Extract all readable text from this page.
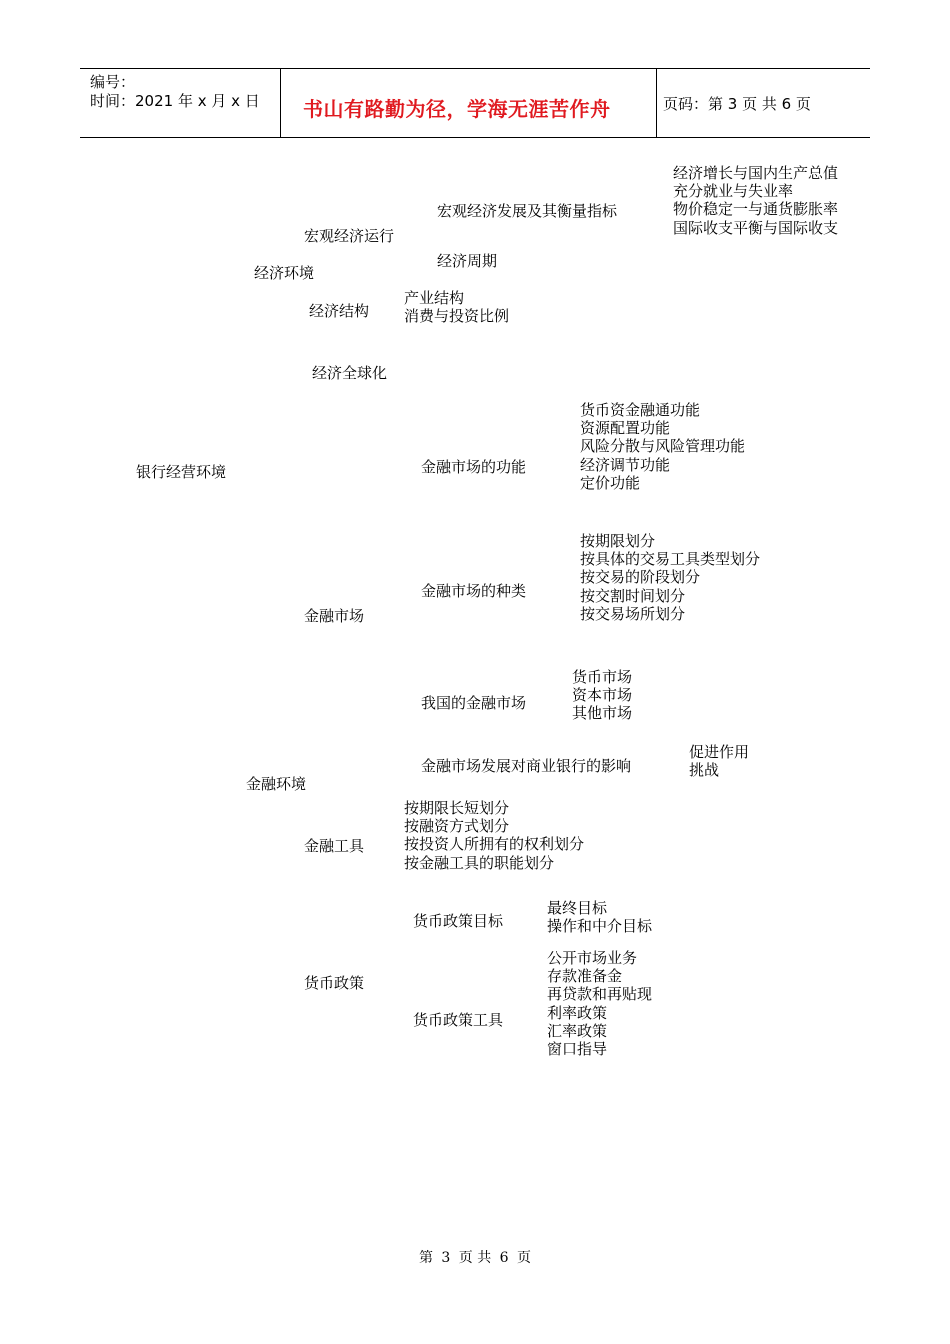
编号：
时间：2021 年 x 月 x 日 书山有路勤为径，学海无涯苦作舟	页码：第 3 页 共 6 页
银行经营环境
经济环境
宏观经济运行
宏观经济发展及其衡量指标
经济增长与国内生产总值
充分就业与失业率
物价稳定一与通货膨胀率
国际收支平衡与国际收支
经济周期
经济结构
产业结构
消费与投资比例
经济全球化
金融环境
金融市场
金融市场的功能
货币资金融通功能
资源配置功能
风险分散与风险管理功能
经济调节功能
定价功能
金融市场的种类
按期限划分
按具体的交易工具类型划分
按交易的阶段划分
按交割时间划分
按交易场所划分
我国的金融市场
货币市场
资本市场
其他市场
金融市场发展对商业银行的影响
促进作用
挑战
金融工具
按期限长短划分
按融资方式划分
按投资人所拥有的权利划分
按金融工具的职能划分
货币政策
货币政策目标
最终目标
操作和中介目标
货币政策工具
公开市场业务
存款准备金
再贷款和再贴现
利率政策
汇率政策
窗口指导
第 3 页 共 6 页
